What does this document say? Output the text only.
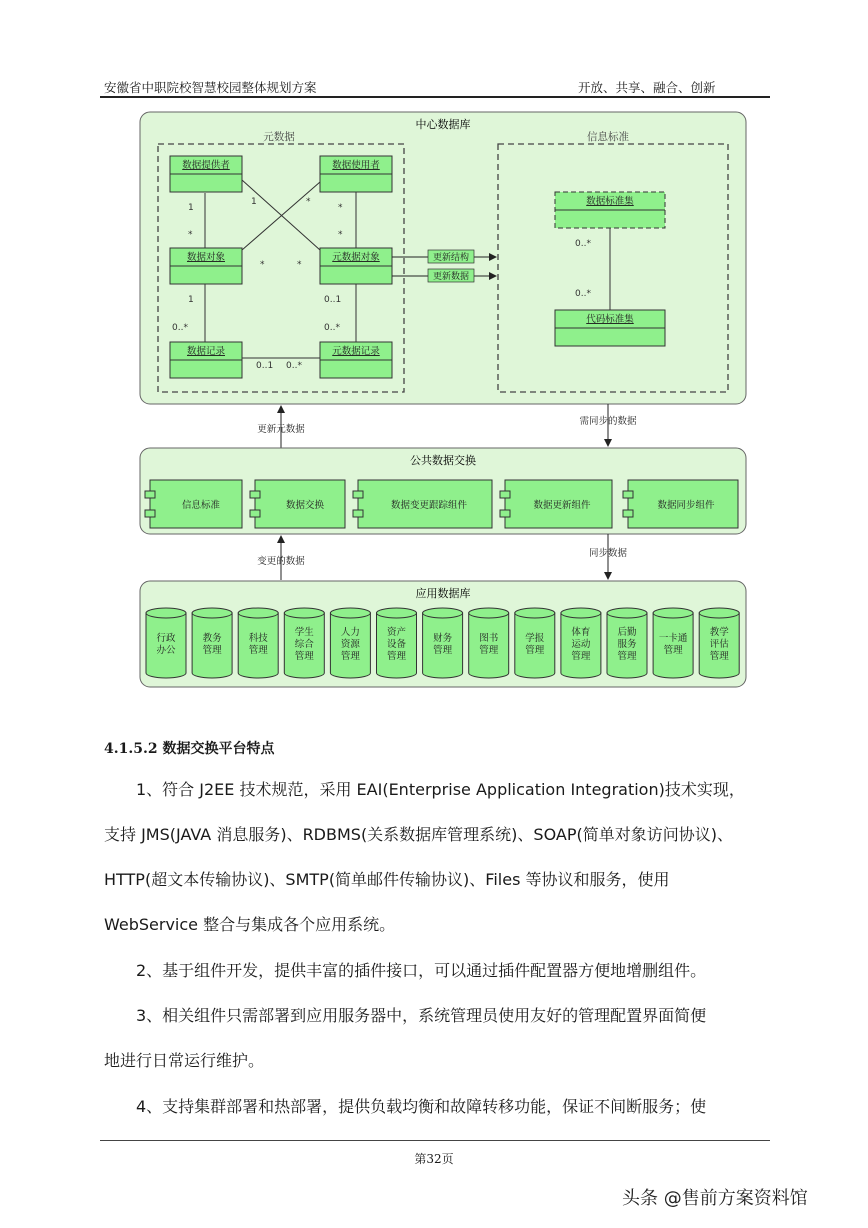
安徽省中职院校智慧校园整体规划方案	开放、共享、融合、创新
中心数据库
元数据	信息标准
1
1	*
*
*	*
*	*
1
0..*
0..1
0..*
0..1 0..*
0..*
0..*
数据提供者	数据使用者
数据对象	元数据对象
数据记录	元数据记录
数据标准集
代码标准集
更新结构
更新数据
更新元数据
需同步的数据
公共数据交换
信息标准	数据交换	数据变更跟踪组件	数据更新组件	数据同步组件
变更的数据
同步数据
应用数据库
行政
办公
教务
管理
科技
管理
学生
综合
管理
人力
资源
管理
资产
设备
管理
财务
管理
图书
管理
学报
管理
体育
运动
管理
后勤
服务
管理
一卡通
管理
教学
评估
管理
4.1.5.2 数据交换平台特点

　　1、符合 J2EE 技术规范，采用 EAI(Enterprise Application Integration)技术实现，
支持 JMS(JAVA 消息服务)、RDBMS(关系数据库管理系统)、SOAP(简单对象访问协议)、
HTTP(超文本传输协议)、SMTP(简单邮件传输协议)、Files 等协议和服务，使用
WebService 整合与集成各个应用系统。

　　2、基于组件开发，提供丰富的插件接口，可以通过插件配置器方便地增删组件。

　　3、相关组件只需部署到应用服务器中，系统管理员使用友好的管理配置界面简便
地进行日常运行维护。

　　4、支持集群部署和热部署，提供负载均衡和故障转移功能，保证不间断服务；使

第32页
头条 @售前方案资料馆
